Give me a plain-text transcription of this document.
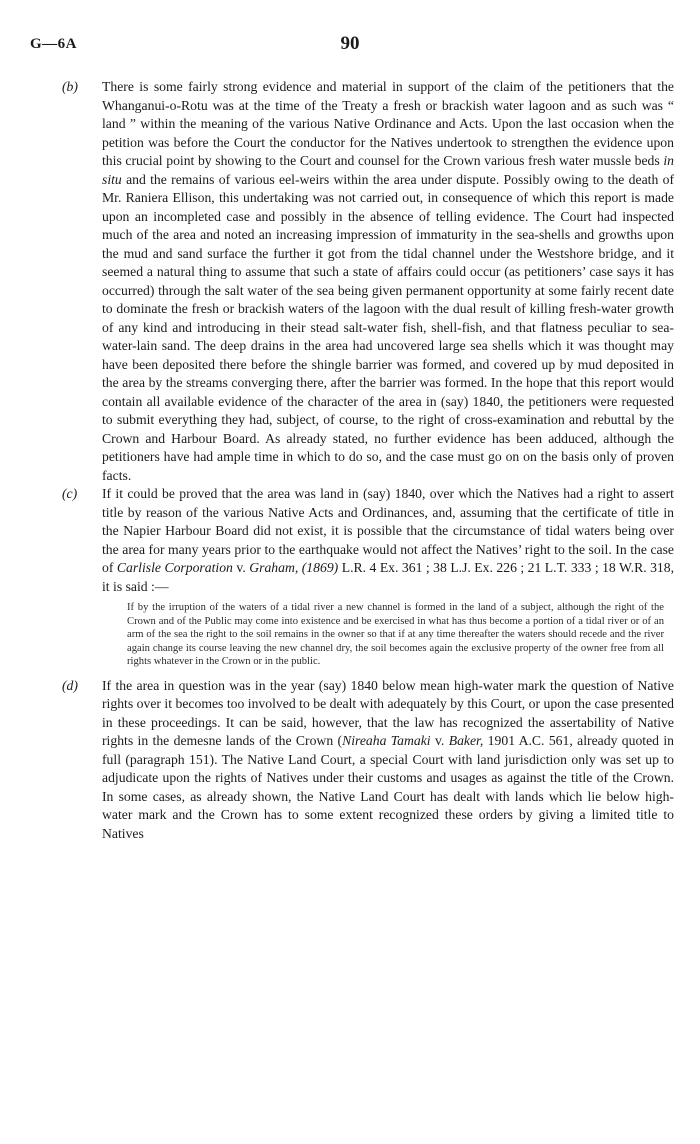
G—6A	90

(b)	There is some fairly strong evidence and material in support of the claim of the petitioners that the Whanganui-o-Rotu was at the time of the Treaty a fresh or brackish water lagoon and as such was “ land ” within the meaning of the various Native Ordinance and Acts. Upon the last occasion when the petition was before the Court the conductor for the Natives undertook to strengthen the evidence upon this crucial point by showing to the Court and counsel for the Crown various fresh water mussle beds in situ and the remains of various eel-weirs within the area under dispute. Possibly owing to the death of Mr. Raniera Ellison, this undertaking was not carried out, in consequence of which this report is made upon an incompleted case and possibly in the absence of telling evidence. The Court had inspected much of the area and noted an increasing impression of immaturity in the sea-shells and growths upon the mud and sand surface the further it got from the tidal channel under the Westshore bridge, and it seemed a natural thing to assume that such a state of affairs could occur (as petitioners’ case says it has occurred) through the salt water of the sea being given permanent opportunity at some fairly recent date to dominate the fresh or brackish waters of the lagoon with the dual result of killing fresh-water growth of any kind and introducing in their stead salt-water fish, shell-fish, and that flatness peculiar to sea-water-lain sand. The deep drains in the area had uncovered large sea shells which it was thought may have been deposited there before the shingle barrier was formed, and covered up by mud deposited in the area by the streams converging there, after the barrier was formed. In the hope that this report would contain all available evidence of the character of the area in (say) 1840, the petitioners were requested to submit everything they had, subject, of course, to the right of cross-examination and rebuttal by the Crown and Harbour Board. As already stated, no further evidence has been adduced, although the petitioners have had ample time in which to do so, and the case must go on on the basis only of proven facts.

(c)	If it could be proved that the area was land in (say) 1840, over which the Natives had a right to assert title by reason of the various Native Acts and Ordinances, and, assuming that the certificate of title in the Napier Harbour Board did not exist, it is possible that the circumstance of tidal waters being over the area for many years prior to the earthquake would not affect the Natives’ right to the soil. In the case of Carlisle Corporation v. Graham, (1869) L.R. 4 Ex. 361 ; 38 L.J. Ex. 226 ; 21 L.T. 333 ; 18 W.R. 318, it is said :—

If by the irruption of the waters of a tidal river a new channel is formed in the land of a subject, although the right of the Crown and of the Public may come into existence and be exercised in what has thus become a portion of a tidal river or of an arm of the sea the right to the soil remains in the owner so that if at any time thereafter the waters should recede and the river again change its course leaving the new channel dry, the soil becomes again the exclusive property of the owner free from all rights whatever in the Crown or in the public.

(d)	If the area in question was in the year (say) 1840 below mean high-water mark the question of Native rights over it becomes too involved to be dealt with adequately by this Court, or upon the case presented in these proceedings. It can be said, however, that the law has recognized the assertability of Native rights in the demesne lands of the Crown (Nireaha Tamaki v. Baker, 1901 A.C. 561, already quoted in full (paragraph 151). The Native Land Court, a special Court with land jurisdiction only was set up to adjudicate upon the rights of Natives under their customs and usages as against the title of the Crown. In some cases, as already shown, the Native Land Court has dealt with lands which lie below high-water mark and the Crown has to some extent recognized these orders by giving a limited title to Natives
